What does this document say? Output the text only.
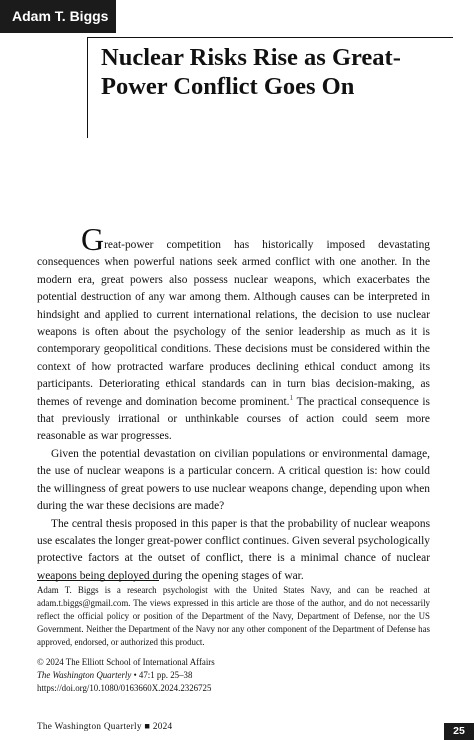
Adam T. Biggs
Nuclear Risks Rise as Great-Power Conflict Goes On

Great-power competition has historically imposed devastating consequences when powerful nations seek armed conflict with one another. In the modern era, great powers also possess nuclear weapons, which exacerbates the potential destruction of any war among them. Although causes can be interpreted in hindsight and applied to current international relations, the decision to use nuclear weapons is often about the psychology of the senior leadership as much as it is contemporary geopolitical conditions. These decisions must be considered within the context of how protracted warfare produces declining ethical conduct among its participants. Deteriorating ethical standards can in turn bias decision-making, as themes of revenge and domination become prominent.$^1$ The practical consequence is that previously irrational or unthinkable courses of action could seem more reasonable as war progresses.

Given the potential devastation on civilian populations or environmental damage, the use of nuclear weapons is a particular concern. A critical question is: how could the willingness of great powers to use nuclear weapons change, depending upon when during the war these decisions are made?

The central thesis proposed in this paper is that the probability of nuclear weapons use escalates the longer great-power conflict continues. Given several psychologically protective factors at the outset of conflict, there is a minimal chance of nuclear weapons being deployed during the opening stages of war.

Adam T. Biggs is a research psychologist with the United States Navy, and can be reached at adam.t.biggs@gmail.com. The views expressed in this article are those of the author, and do not necessarily reflect the official policy or position of the Department of the Navy, Department of Defense, nor the US Government. Neither the Department of the Navy nor any other component of the Department of Defense has approved, endorsed, or authorized this product.
© 2024 The Elliott School of International Affairs
The Washington Quarterly • 47:1 pp. 25–38
https://doi.org/10.1080/0163660X.2024.2326725
The Washington Quarterly ■ 2024	25
